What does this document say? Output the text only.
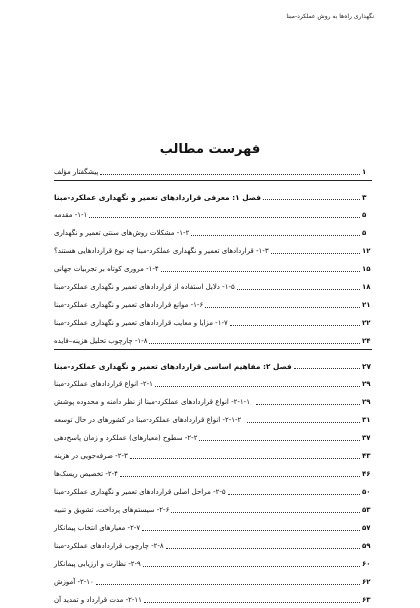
نگهداری راه‌ها به روش عملکرد-مبنا
فهرست مطالب
پیشگفتار مؤلف	۱
فصل ۱: معرفی قراردادهای تعمیر و نگهداری عملکرد-مبنا	۳
۱-۱- مقدمه	۵
۱-۲- مشکلات روش‌های سنتی تعمیر و نگهداری	۵
۱-۳- قراردادهای تعمیر و نگهداری عملکرد-مبنا چه نوع قراردادهایی هستند؟	۱۲
۱-۴- مروری کوتاه بر تجربیات جهانی	۱۵
۱-۵- دلایل استفاده از قراردادهای تعمیر و نگهداری عملکرد-مبنا	۱۸
۱-۶- موانع قراردادهای تعمیر و نگهداری عملکرد-مبنا	۲۱
۱-۷- مزایا و معایب قراردادهای تعمیر و نگهداری عملکرد-مبنا	۲۲
۱-۸- چارچوب تحلیل هزینه–فایده	۲۴
فصل ۲: مفاهیم اساسی قراردادهای تعمیر و نگهداری عملکرد-مبنا	۲۷
۲-۱- انواع قراردادهای عملکرد-مبنا	۲۹
۲-۱-۱- انواع قراردادهای عملکرد-مبنا از نظر دامنه و محدوده پوشش	۲۹
۲-۱-۲- انواع قراردادهای عملکرد-مبنا در کشورهای در حال توسعه	۳۱
۲-۲- سطوح (معیارهای) عملکرد و زمان پاسخ‌دهی	۳۷
۲-۳- صرفه‌جویی در هزینه	۴۳
۲-۴- تخصیص ریسک‌ها	۴۶
۲-۵- مراحل اصلی قراردادهای تعمیر و نگهداری عملکرد-مبنا	۵۰
۲-۶- سیستم‌های پرداخت، تشویق و تنبیه	۵۳
۲-۷- معیارهای انتخاب پیمانکار	۵۷
۲-۸- چارچوب قراردادهای عملکرد-مبنا	۵۹
۲-۹- نظارت و ارزیابی پیمانکار	۶۰
۲-۱۰- آموزش	۶۲
۲-۱۱- مدت قرارداد و تمدید آن	۶۳
